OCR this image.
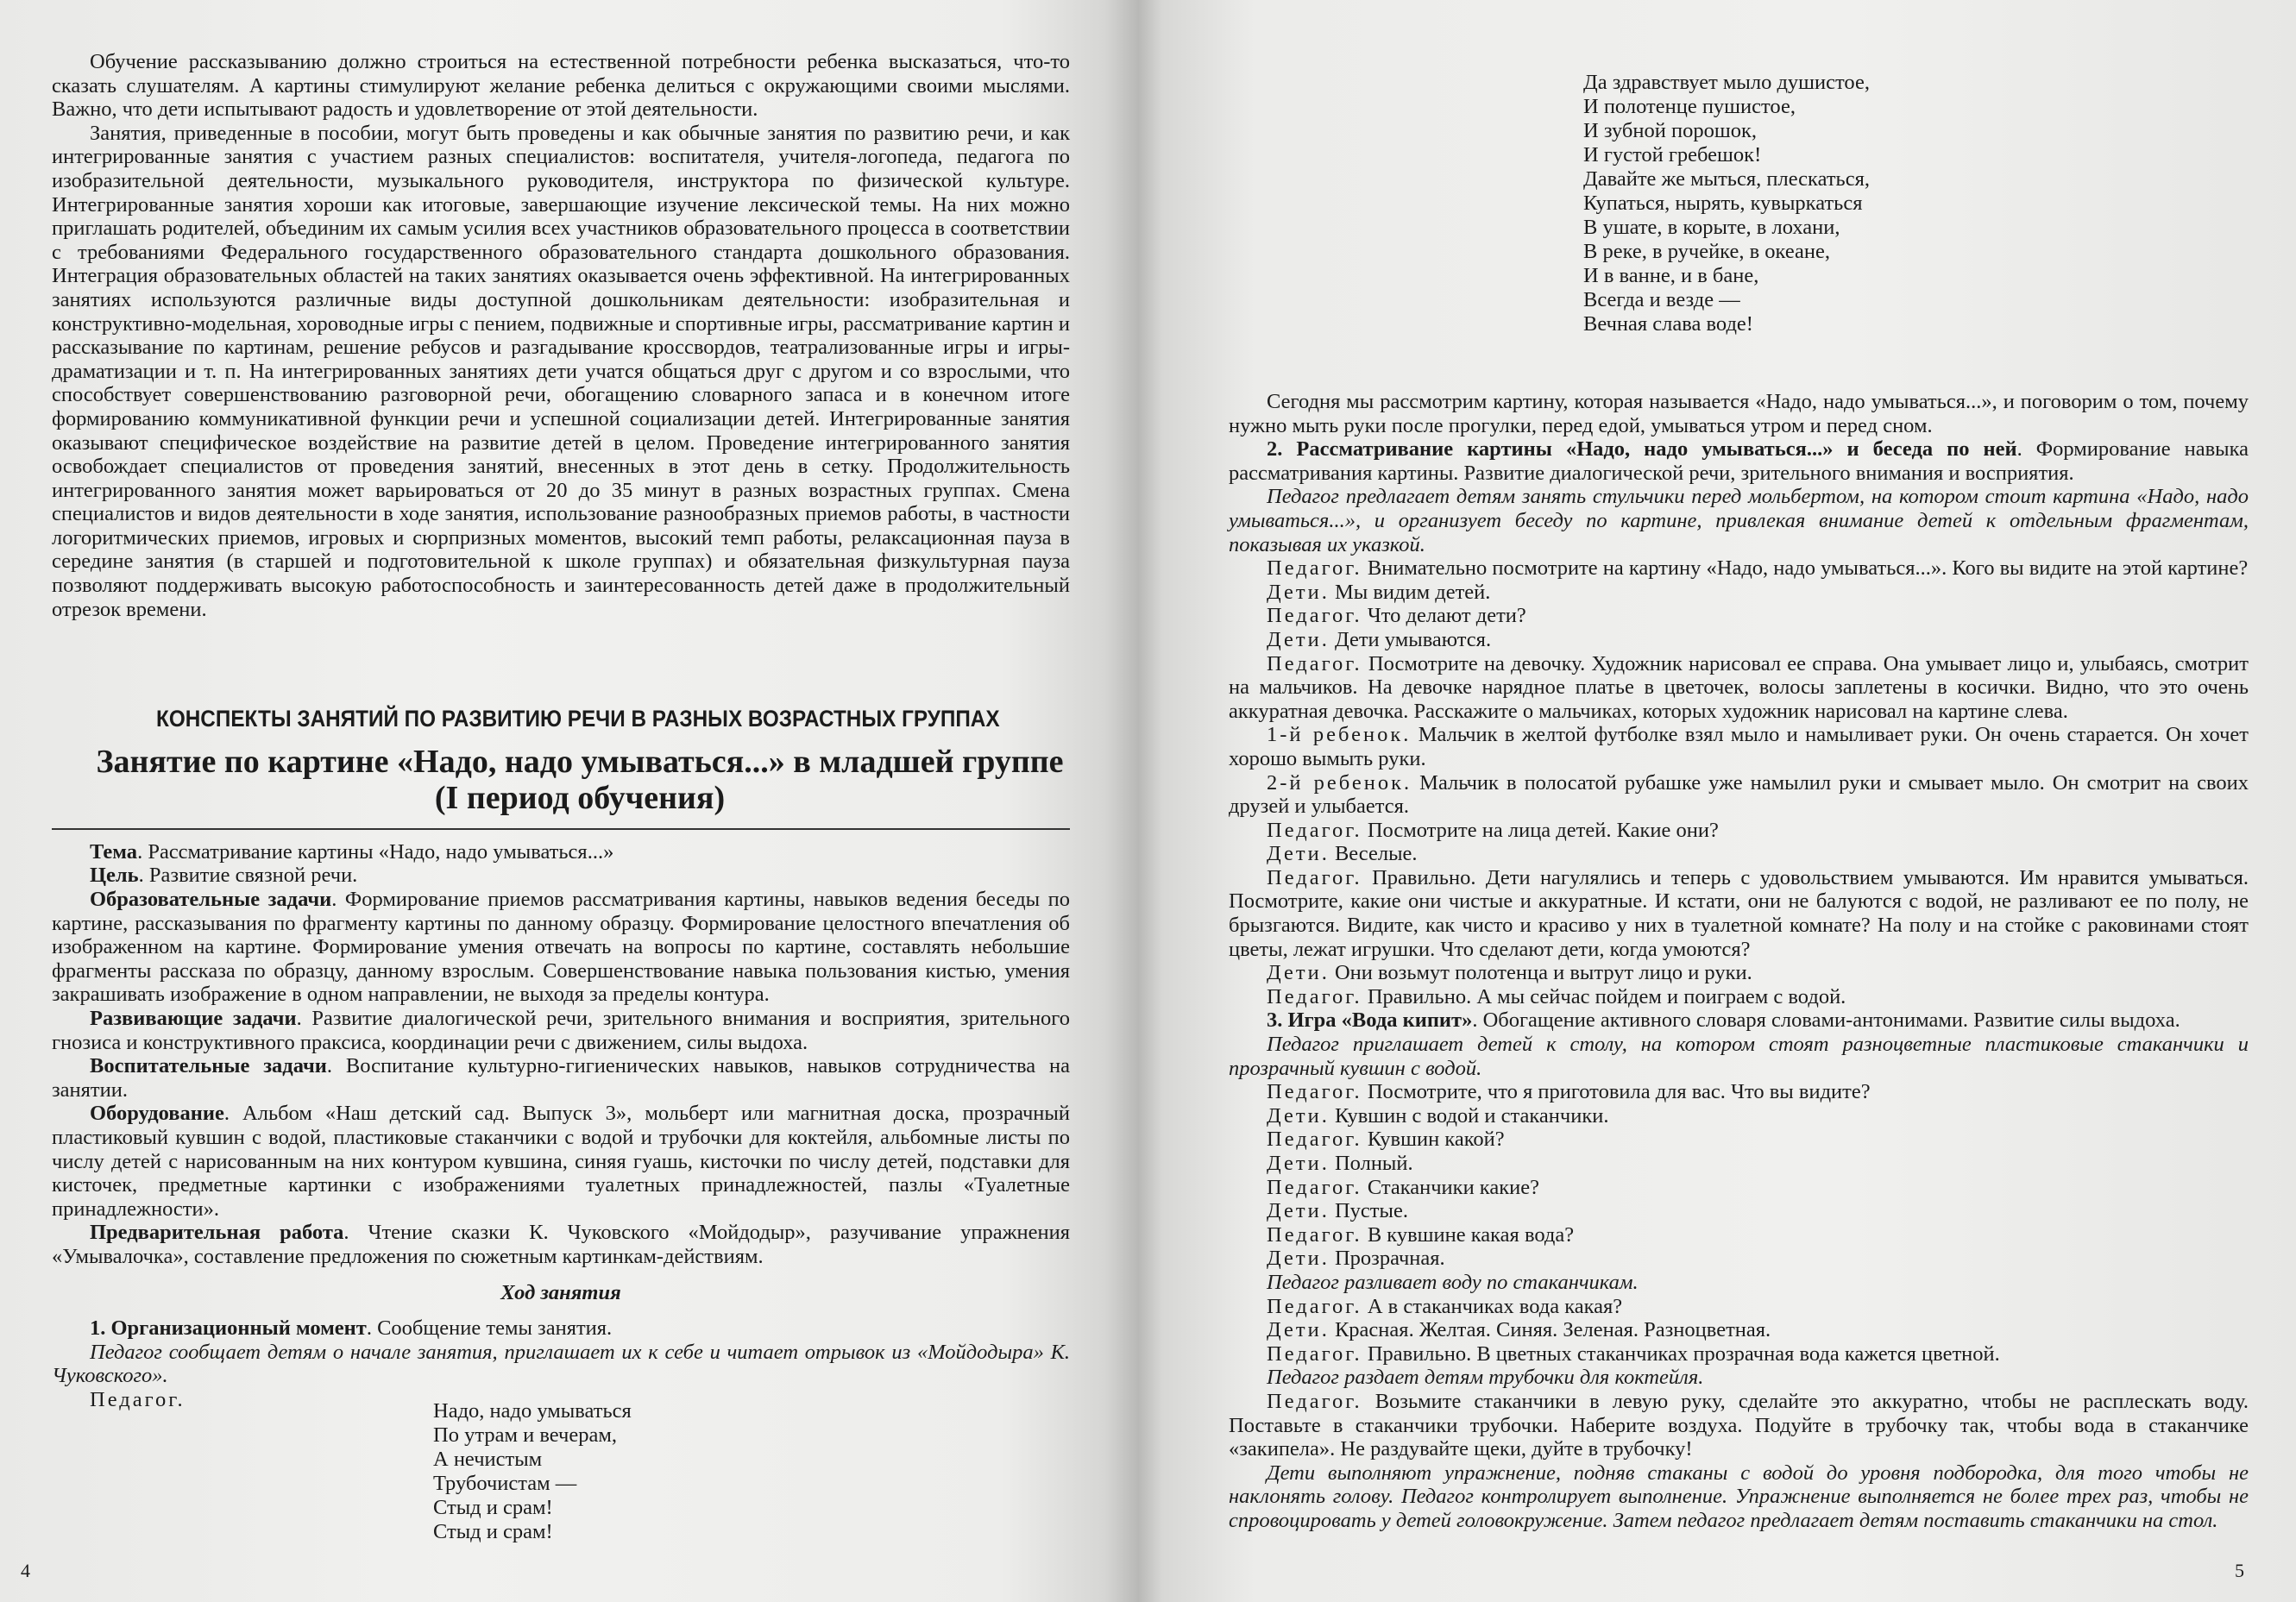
Обучение рассказыванию должно строиться на естественной потребности ребенка высказаться, что-то сказать слушателям. А картины стимулируют желание ребенка делиться с окружающими своими мыслями. Важно, что дети испытывают радость и удовлетворение от этой деятельности.

Занятия, приведенные в пособии, могут быть проведены и как обычные занятия по развитию речи, и как интегрированные занятия с участием разных специалистов: воспитателя, учителя-логопеда, педагога по изобразительной деятельности, музыкального руководителя, инструктора по физической культуре. Интегрированные занятия хороши как итоговые, завершающие изучение лексической темы. На них можно приглашать родителей, объединим их самым усилия всех участников образовательного процесса в соответствии с требованиями Федерального государственного образовательного стандарта дошкольного образования. Интеграция образовательных областей на таких занятиях оказывается очень эффективной. На интегрированных занятиях используются различные виды доступной дошкольникам деятельности: изобразительная и конструктивно-модельная, хороводные игры с пением, подвижные и спортивные игры, рассматривание картин и рассказывание по картинам, решение ребусов и разгадывание кроссвордов, театрализованные игры и игры-драматизации и т. п. На интегрированных занятиях дети учатся общаться друг с другом и со взрослыми, что способствует совершенствованию разговорной речи, обогащению словарного запаса и в конечном итоге формированию коммуникативной функции речи и успешной социализации детей. Интегрированные занятия оказывают специфическое воздействие на развитие детей в целом. Проведение интегрированного занятия освобождает специалистов от проведения занятий, внесенных в этот день в сетку. Продолжительность интегрированного занятия может варьироваться от 20 до 35 минут в разных возрастных группах. Смена специалистов и видов деятельности в ходе занятия, использование разнообразных приемов работы, в частности логоритмических приемов, игровых и сюрпризных моментов, высокий темп работы, релаксационная пауза в середине занятия (в старшей и подготовительной к школе группах) и обязательная физкультурная пауза позволяют поддерживать высокую работоспособность и заинтересованность детей даже в продолжительный отрезок времени.

КОНСПЕКТЫ ЗАНЯТИЙ ПО РАЗВИТИЮ РЕЧИ В РАЗНЫХ ВОЗРАСТНЫХ ГРУППАХ

Занятие по картине «Надо, надо умываться...» в младшей группе

(I период обучения)

Тема. Рассматривание картины «Надо, надо умываться...»

Цель. Развитие связной речи.

Образовательные задачи. Формирование приемов рассматривания картины, навыков ведения беседы по картине, рассказывания по фрагменту картины по данному образцу. Формирование целостного впечатления об изображенном на картине. Формирование умения отвечать на вопросы по картине, составлять небольшие фрагменты рассказа по образцу, данному взрослым. Совершенствование навыка пользования кистью, умения закрашивать изображение в одном направлении, не выходя за пределы контура.

Развивающие задачи. Развитие диалогической речи, зрительного внимания и восприятия, зрительного гнозиса и конструктивного праксиса, координации речи с движением, силы выдоха.

Воспитательные задачи. Воспитание культурно-гигиенических навыков, навыков сотрудничества на занятии.

Оборудование. Альбом «Наш детский сад. Выпуск 3», мольберт или магнитная доска, прозрачный пластиковый кувшин с водой, пластиковые стаканчики с водой и трубочки для коктейля, альбомные листы по числу детей с нарисованным на них контуром кувшина, синяя гуашь, кисточки по числу детей, подставки для кисточек, предметные картинки с изображениями туалетных принадлежностей, пазлы «Туалетные принадлежности».

Предварительная работа. Чтение сказки К. Чуковского «Мойдодыр», разучивание упражнения «Умывалочка», составление предложения по сюжетным картинкам-действиям.

Ход занятия

1. Организационный момент. Сообщение темы занятия.

Педагог сообщает детям о начале занятия, приглашает их к себе и читает отрывок из «Мойдодыра» К. Чуковского».

Педагог.	Надо, надо умываться
По утрам и вечерам,
А нечистым
Трубочистам —
Стыд и срам!
Стыд и срам!
4	5
Да здравствует мыло душистое,
И полотенце пушистое,
И зубной порошок,
И густой гребешок!
Давайте же мыться, плескаться,
Купаться, нырять, кувыркаться
В ушате, в корыте, в лохани,
В реке, в ручейке, в океане,
И в ванне, и в бане,
Всегда и везде —
Вечная слава воде!

Сегодня мы рассмотрим картину, которая называется «Надо, надо умываться...», и поговорим о том, почему нужно мыть руки после прогулки, перед едой, умываться утром и перед сном.

2. Рассматривание картины «Надо, надо умываться...» и беседа по ней. Формирование навыка рассматривания картины. Развитие диалогической речи, зрительного внимания и восприятия.

Педагог предлагает детям занять стульчики перед мольбертом, на котором стоит картина «Надо, надо умываться...», и организует беседу по картине, привлекая внимание детей к отдельным фрагментам, показывая их указкой.

Педагог. Внимательно посмотрите на картину «Надо, надо умываться...». Кого вы видите на этой картине?

Дети. Мы видим детей.

Педагог. Что делают дети?

Дети. Дети умываются.

Педагог. Посмотрите на девочку. Художник нарисовал ее справа. Она умывает лицо и, улыбаясь, смотрит на мальчиков. На девочке нарядное платье в цветочек, волосы заплетены в косички. Видно, что это очень аккуратная девочка. Расскажите о мальчиках, которых художник нарисовал на картине слева.

1-й ребенок. Мальчик в желтой футболке взял мыло и намыливает руки. Он очень старается. Он хочет хорошо вымыть руки.

2-й ребенок. Мальчик в полосатой рубашке уже намылил руки и смывает мыло. Он смотрит на своих друзей и улыбается.

Педагог. Посмотрите на лица детей. Какие они?

Дети. Веселые.

Педагог. Правильно. Дети нагулялись и теперь с удовольствием умываются. Им нравится умываться. Посмотрите, какие они чистые и аккуратные. И кстати, они не балуются с водой, не разливают ее по полу, не брызгаются. Видите, как чисто и красиво у них в туалетной комнате? На полу и на стойке с раковинами стоят цветы, лежат игрушки. Что сделают дети, когда умоются?

Дети. Они возьмут полотенца и вытрут лицо и руки.

Педагог. Правильно. А мы сейчас пойдем и поиграем с водой.

3. Игра «Вода кипит». Обогащение активного словаря словами-антонимами. Развитие силы выдоха.

Педагог приглашает детей к столу, на котором стоят разноцветные пластиковые стаканчики и прозрачный кувшин с водой.

Педагог. Посмотрите, что я приготовила для вас. Что вы видите?

Дети. Кувшин с водой и стаканчики.

Педагог. Кувшин какой?

Дети. Полный.

Педагог. Стаканчики какие?

Дети. Пустые.

Педагог. В кувшине какая вода?

Дети. Прозрачная.

Педагог разливает воду по стаканчикам.

Педагог. А в стаканчиках вода какая?

Дети. Красная. Желтая. Синяя. Зеленая. Разноцветная.

Педагог. Правильно. В цветных стаканчиках прозрачная вода кажется цветной.

Педагог раздает детям трубочки для коктейля.

Педагог. Возьмите стаканчики в левую руку, сделайте это аккуратно, чтобы не расплескать воду. Поставьте в стаканчики трубочки. Наберите воздуха. Подуйте в трубочку так, чтобы вода в стаканчике «закипела». Не раздувайте щеки, дуйте в трубочку!

Дети выполняют упражнение, подняв стаканы с водой до уровня подбородка, для того чтобы не наклонять голову. Педагог контролирует выполнение. Упражнение выполняется не более трех раз, чтобы не спровоцировать у детей головокружение. Затем педагог предлагает детям поставить стаканчики на стол.
